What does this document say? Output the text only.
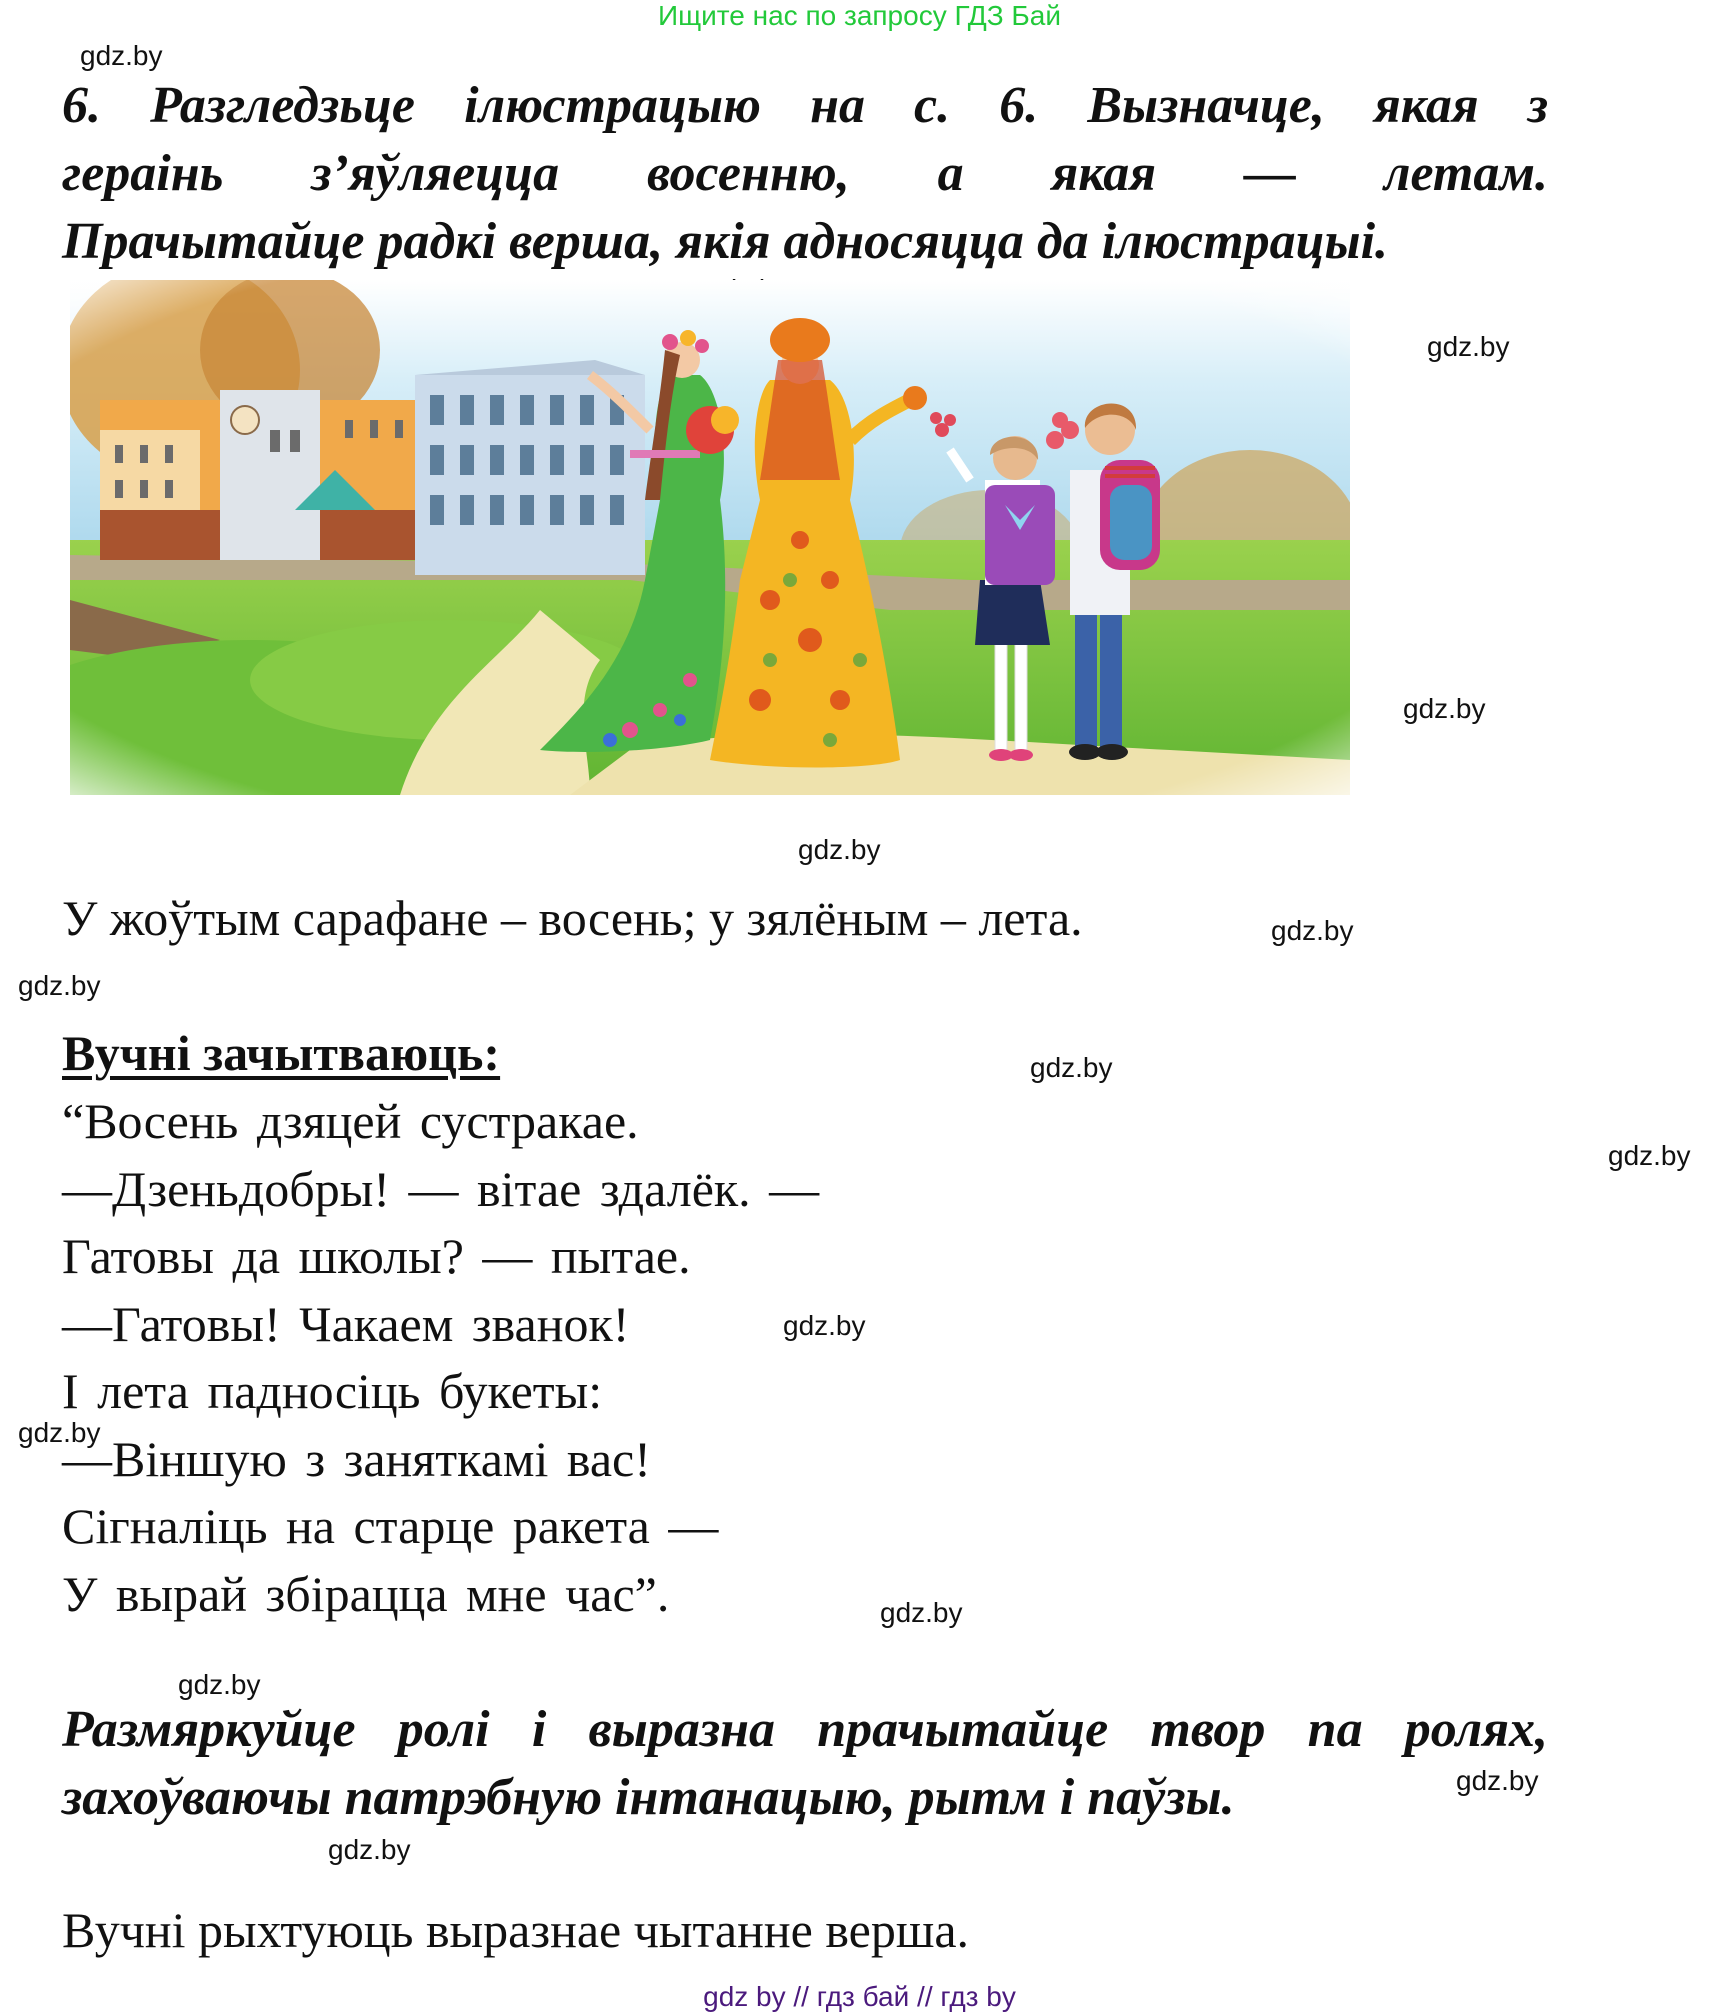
Ищите нас по запросу ГДЗ Бай
gdz.by
gdz.by
gdz.by
gdz.by
gdz.by
gdz.by
gdz.by
gdz.by
gdz.by
gdz.by
gdz.by
gdz.by
gdz.by
gdz.by
6. Разгледзьце ілюстрацыю на с. 6. Вызначце, якая з
гераінь з’яўляецца восенню, а якая — летам.
Прачытайце радкі верша, якія адносяцца да ілюстрацыі.
У жоўтым сарафане – восень; у зялёным – лета.
Вучні зачытваюць:
“Восень дзяцей сустракае.
—Дзеньдобры! — вітае здалёк. —
Гатовы да школы? — пытае.
—Гатовы! Чакаем званок!
І лета падносіць букеты:
—Віншую з заняткамі вас!
Сігналіць на старце ракета —
У вырай збірацца мне час”.
Размяркуйце ролі і выразна прачытайце твор па ролях,
захоўваючы патрэбную інтанацыю, рытм і паўзы.
Вучні рыхтуюць выразнае чытанне верша.
gdz by // гдз бай // гдз by
